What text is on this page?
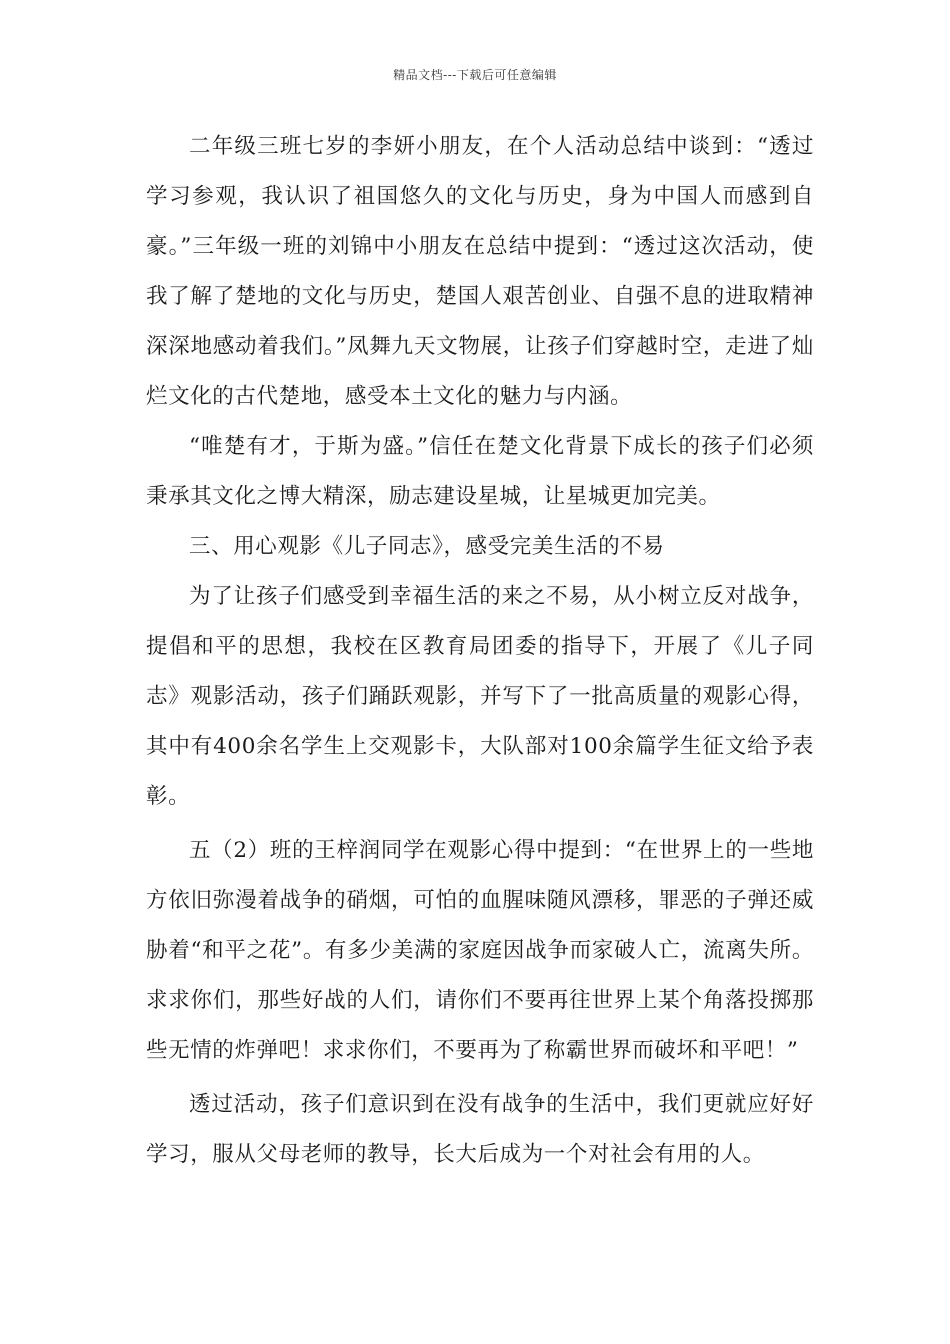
精品文档---下载后可任意编辑

二年级三班七岁的李妍小朋友，在个人活动总结中谈到：“透过学习参观，我认识了祖国悠久的文化与历史，身为中国人而感到自豪。”三年级一班的刘锦中小朋友在总结中提到：“透过这次活动，使我了解了楚地的文化与历史，楚国人艰苦创业、自强不息的进取精神深深地感动着我们。”凤舞九天文物展，让孩子们穿越时空，走进了灿烂文化的古代楚地，感受本土文化的魅力与内涵。

“唯楚有才，于斯为盛。”信任在楚文化背景下成长的孩子们必须秉承其文化之博大精深，励志建设星城，让星城更加完美。

三、用心观影《儿子同志》，感受完美生活的不易

为了让孩子们感受到幸福生活的来之不易，从小树立反对战争，提倡和平的思想，我校在区教育局团委的指导下，开展了《儿子同志》观影活动，孩子们踊跃观影，并写下了一批高质量的观影心得，其中有400余名学生上交观影卡，大队部对100余篇学生征文给予表彰。

五（2）班的王梓润同学在观影心得中提到：“在世界上的一些地方依旧弥漫着战争的硝烟，可怕的血腥味随风漂移，罪恶的子弹还威胁着“和平之花”。有多少美满的家庭因战争而家破人亡，流离失所。求求你们，那些好战的人们，请你们不要再往世界上某个角落投掷那些无情的炸弹吧！求求你们，不要再为了称霸世界而破坏和平吧！”

透过活动，孩子们意识到在没有战争的生活中，我们更就应好好学习，服从父母老师的教导，长大后成为一个对社会有用的人。
